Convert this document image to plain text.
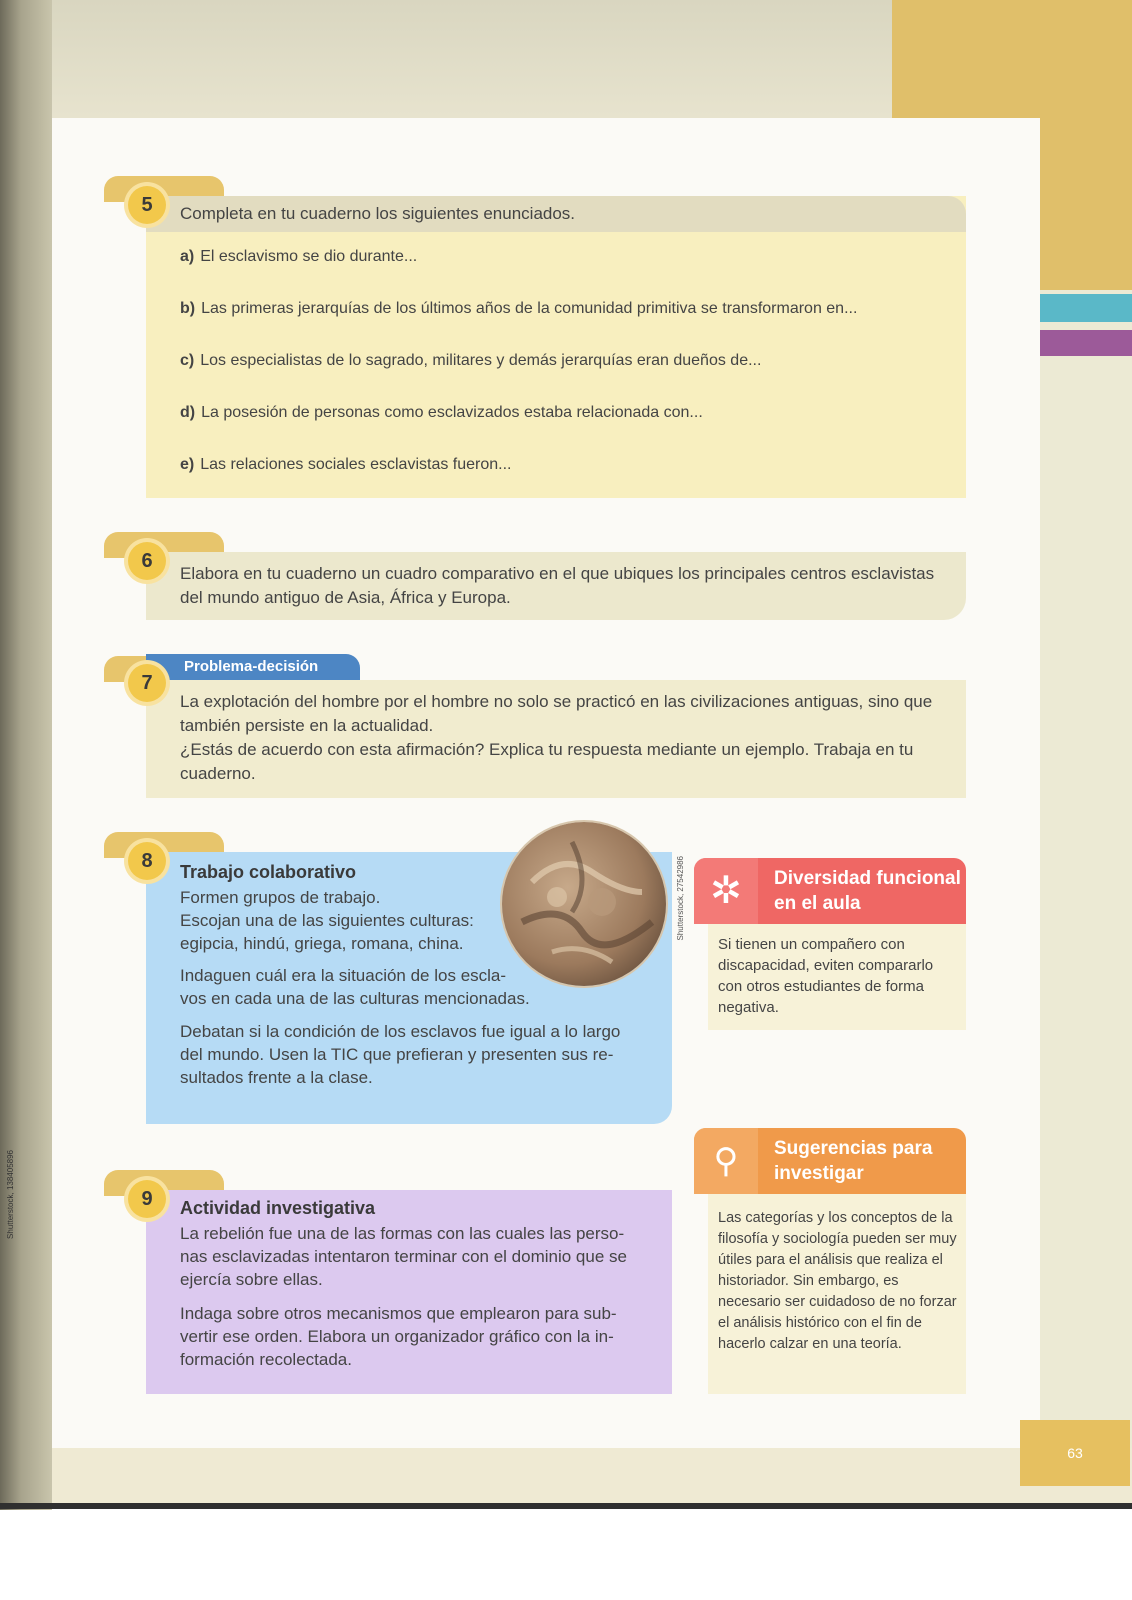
63
Shutterstock, 138405896

Completa en tu cuaderno los siguientes enunciados.

a) El esclavismo se dio durante...

b) Las primeras jerarquías de los últimos años de la comunidad primitiva se transformaron en...

c) Los especialistas de lo sagrado, militares y demás jerarquías eran dueños de...

d) La posesión de personas como esclavizados estaba relacionada con...

e) Las relaciones sociales esclavistas fueron...

5

Elabora en tu cuaderno un cuadro comparativo en el que ubiques los principales centros esclavistas del mundo antiguo de Asia, África y Europa.

6
Problema-decisión

La explotación del hombre por el hombre no solo se practicó en las civilizaciones antiguas, sino que también persiste en la actualidad.
¿Estás de acuerdo con esta afirmación? Explica tu respuesta mediante un ejemplo. Trabaja en tu cuaderno.

7

Trabajo colaborativo

Formen grupos de trabajo.

Escojan una de las siguientes culturas:

egipcia, hindú, griega, romana, china.

Indaguen cuál era la situación de los escla-

vos en cada una de las culturas mencionadas.

Debatan si la condición de los esclavos fue igual a lo largo

del mundo. Usen la TIC que prefieran y presenten sus re-

sultados frente a la clase.

Shutterstock, 27542986
8

Actividad investigativa

La rebelión fue una de las formas con las cuales las perso-

nas esclavizadas intentaron terminar con el dominio que se

ejercía sobre ellas.

Indaga sobre otros mecanismos que emplearon para sub-

vertir ese orden. Elabora un organizador gráfico con la in-

formación recolectada.

9
✲	Diversidad funcional en el aula

Si tienen un compañero con discapacidad, eviten compararlo con otros estudiantes de forma negativa.

⚲	Sugerencias para investigar

Las categorías y los conceptos de la filosofía y sociología pueden ser muy útiles para el análisis que realiza el historiador. Sin embargo, es necesario ser cuidadoso de no forzar el análisis histórico con el fin de hacerlo calzar en una teoría.
